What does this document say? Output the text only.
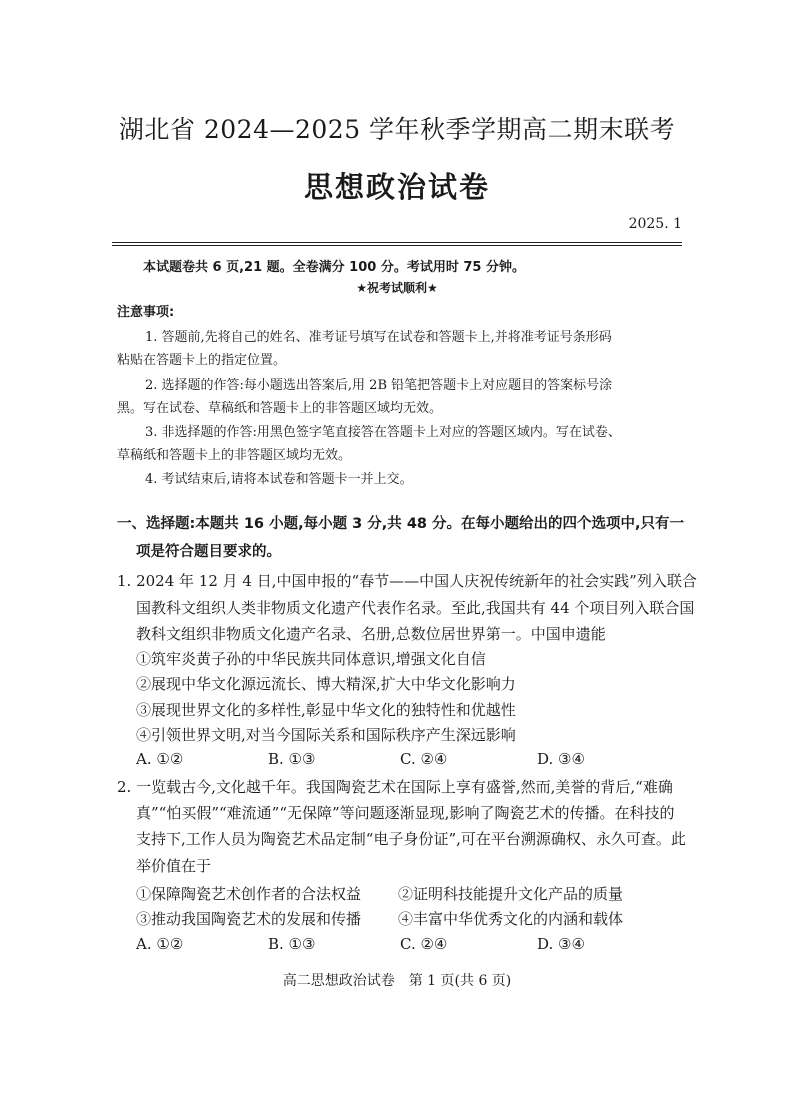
湖北省 2024—2025 学年秋季学期高二期末联考
思想政治试卷
2025. 1
本试题卷共 6 页,21 题。全卷满分 100 分。考试用时 75 分钟。
★祝考试顺利★
注意事项:
1. 答题前,先将自己的姓名、准考证号填写在试卷和答题卡上,并将准考证号条形码
粘贴在答题卡上的指定位置。
2. 选择题的作答:每小题选出答案后,用 2B 铅笔把答题卡上对应题目的答案标号涂
黑。写在试卷、草稿纸和答题卡上的非答题区域均无效。
3. 非选择题的作答:用黑色签字笔直接答在答题卡上对应的答题区域内。写在试卷、
草稿纸和答题卡上的非答题区域均无效。
4. 考试结束后,请将本试卷和答题卡一并上交。
一、选择题:本题共 16 小题,每小题 3 分,共 48 分。在每小题给出的四个选项中,只有一
项是符合题目要求的。
1. 2024 年 12 月 4 日,中国申报的“春节——中国人庆祝传统新年的社会实践”列入联合
国教科文组织人类非物质文化遗产代表作名录。至此,我国共有 44 个项目列入联合国
教科文组织非物质文化遗产名录、名册,总数位居世界第一。中国申遗能
①筑牢炎黄子孙的中华民族共同体意识,增强文化自信
②展现中华文化源远流长、博大精深,扩大中华文化影响力
③展现世界文化的多样性,彰显中华文化的独特性和优越性
④引领世界文明,对当今国际关系和国际秩序产生深远影响
A. ①②	B. ①③	C. ②④	D. ③④
2. 一览载古今,文化越千年。我国陶瓷艺术在国际上享有盛誉,然而,美誉的背后,“难确
真”“怕买假”“难流通”“无保障”等问题逐渐显现,影响了陶瓷艺术的传播。在科技的
支持下,工作人员为陶瓷艺术品定制“电子身份证”,可在平台溯源确权、永久可查。此
举价值在于
①保障陶瓷艺术创作者的合法权益 ②证明科技能提升文化产品的质量
③推动我国陶瓷艺术的发展和传播 ④丰富中华优秀文化的内涵和载体
A. ①②	B. ①③	C. ②④	D. ③④
高二思想政治试卷　第 1 页(共 6 页)
